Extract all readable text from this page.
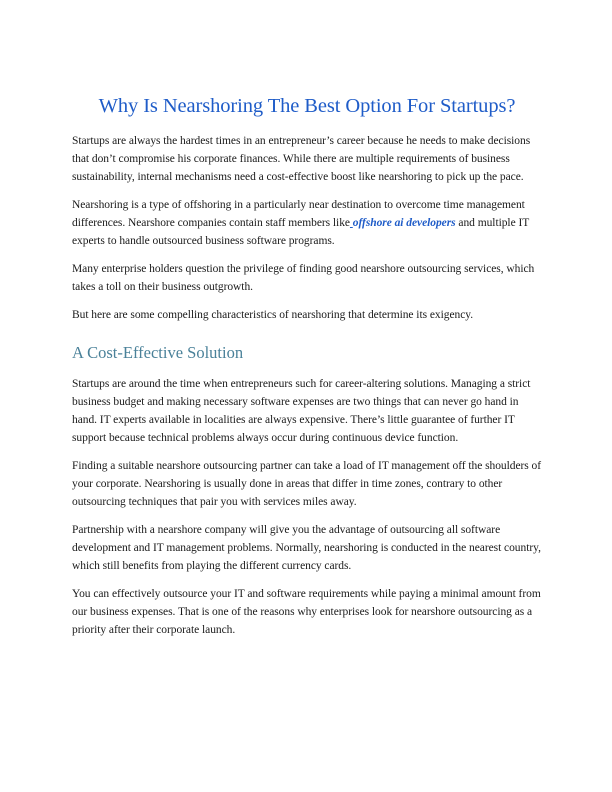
Why Is Nearshoring The Best Option For Startups?

Startups are always the hardest times in an entrepreneur’s career because he needs to make decisions that don’t compromise his corporate finances. While there are multiple requirements of business sustainability, internal mechanisms need a cost-effective boost like nearshoring to pick up the pace.

Nearshoring is a type of offshoring in a particularly near destination to overcome time management differences. Nearshore companies contain staff members like offshore ai developers and multiple IT experts to handle outsourced business software programs.

Many enterprise holders question the privilege of finding good nearshore outsourcing services, which takes a toll on their business outgrowth.

But here are some compelling characteristics of nearshoring that determine its exigency.

A Cost-Effective Solution

Startups are around the time when entrepreneurs such for career-altering solutions. Managing a strict business budget and making necessary software expenses are two things that can never go hand in hand. IT experts available in localities are always expensive. There’s little guarantee of further IT support because technical problems always occur during continuous device function.

Finding a suitable nearshore outsourcing partner can take a load of IT management off the shoulders of your corporate. Nearshoring is usually done in areas that differ in time zones, contrary to other outsourcing techniques that pair you with services miles away.

Partnership with a nearshore company will give you the advantage of outsourcing all software development and IT management problems. Normally, nearshoring is conducted in the nearest country, which still benefits from playing the different currency cards.

You can effectively outsource your IT and software requirements while paying a minimal amount from our business expenses. That is one of the reasons why enterprises look for nearshore outsourcing as a priority after their corporate launch.
